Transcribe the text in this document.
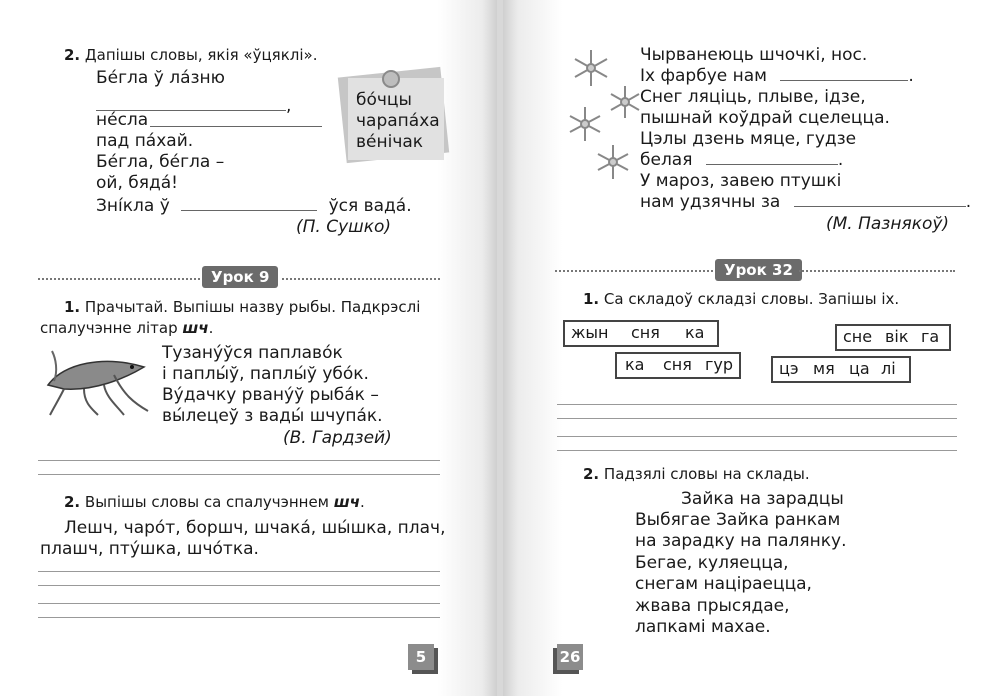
2. Дапішы словы, якія «ўцяклі».
Бе́гла ў ла́зню
,
не́сла
пад па́хай.
Бе́гла, бе́гла –
ой, бяда́!
Зні́кла ў	ўся вада́.
(П. Сушко)
бо́чцы
чарапа́ха
ве́нічак
Урок 9
1. Прачытай. Выпішы назву рыбы. Падкрэслі
спалучэнне літар шч.
Тузану́ўся паплаво́к
і паплы́ў, паплы́ў убо́к.
Ву́дачку рвану́ў рыба́к –
вы́лецеў з вады́ шчупа́к.
(В. Гардзей)
2. Выпішы словы са спалучэннем шч.
Лешч, чаро́т, боршч, шчака́, шы́шка, плач,
плашч, пту́шка, шчо́тка.
5
Чырванеюць шчочкі, нос.
Іх фарбуе нам	.
Снег ляціць, плыве, ідзе,
пышнай коўдрай сцелецца.
Цэлы дзень мяце, гудзе
белая	.
У мароз, завею птушкі
нам удзячны за	.
(М. Пазнякоў)
Урок 32
1. Са складоў складзі словы. Запішы іх.
жын сня ка
ка сня гур
сне вік га
цэ мя ца лі
2. Падзялі словы на склады.
Зайка на зарадцы
Выбягае Зайка ранкам
на зарадку на палянку.
Бегае, куляецца,
снегам націраецца,
жвава прысядае,
лапкамі махае.
26
